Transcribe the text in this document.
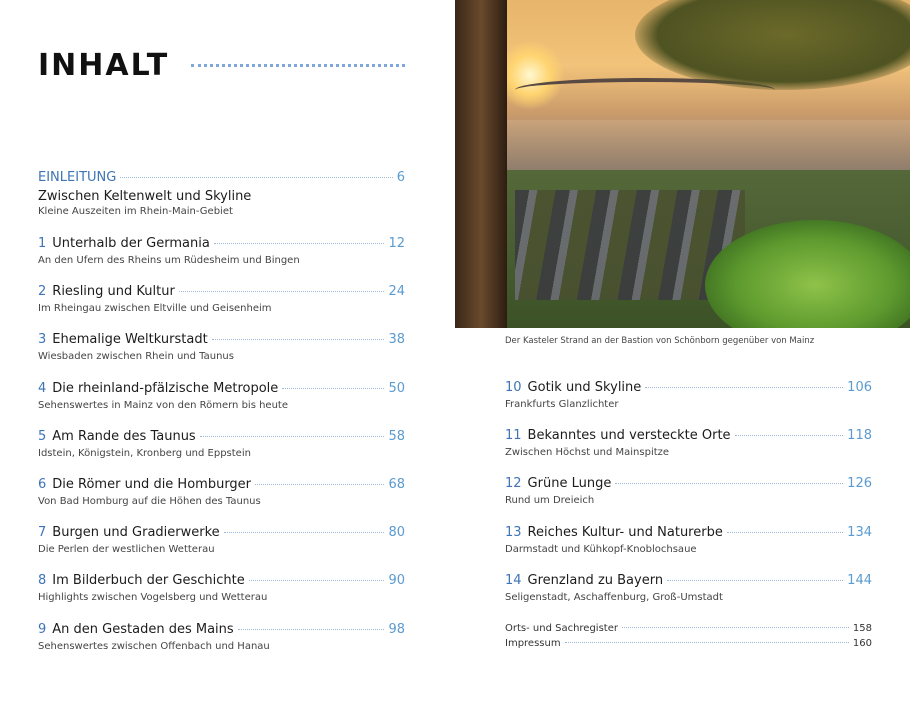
INHALT
EINLEITUNG	6
Zwischen Keltenwelt und Skyline
Kleine Auszeiten im Rhein-Main-Gebiet
1 Unterhalb der Germania	12
An den Ufern des Rheins um Rüdesheim und Bingen
2 Riesling und Kultur	24
Im Rheingau zwischen Eltville und Geisenheim
3 Ehemalige Weltkurstadt	38
Wiesbaden zwischen Rhein und Taunus
4 Die rheinland-pfälzische Metropole	50
Sehenswertes in Mainz von den Römern bis heute
5 Am Rande des Taunus	58
Idstein, Königstein, Kronberg und Eppstein
6 Die Römer und die Homburger	68
Von Bad Homburg auf die Höhen des Taunus
7 Burgen und Gradierwerke	80
Die Perlen der westlichen Wetterau
8 Im Bilderbuch der Geschichte	90
Highlights zwischen Vogelsberg und Wetterau
9 An den Gestaden des Mains	98
Sehenswertes zwischen Offenbach und Hanau
10 Gotik und Skyline	106
Frankfurts Glanzlichter
11 Bekanntes und versteckte Orte	118
Zwischen Höchst und Mainspitze
12 Grüne Lunge	126
Rund um Dreieich
13 Reiches Kultur- und Naturerbe	134
Darmstadt und Kühkopf-Knoblochsaue
14 Grenzland zu Bayern	144
Seligenstadt, Aschaffenburg, Groß-Umstadt
Der Kasteler Strand an der Bastion von Schönborn gegenüber von Mainz
Orts- und Sachregister	158
Impressum	160
